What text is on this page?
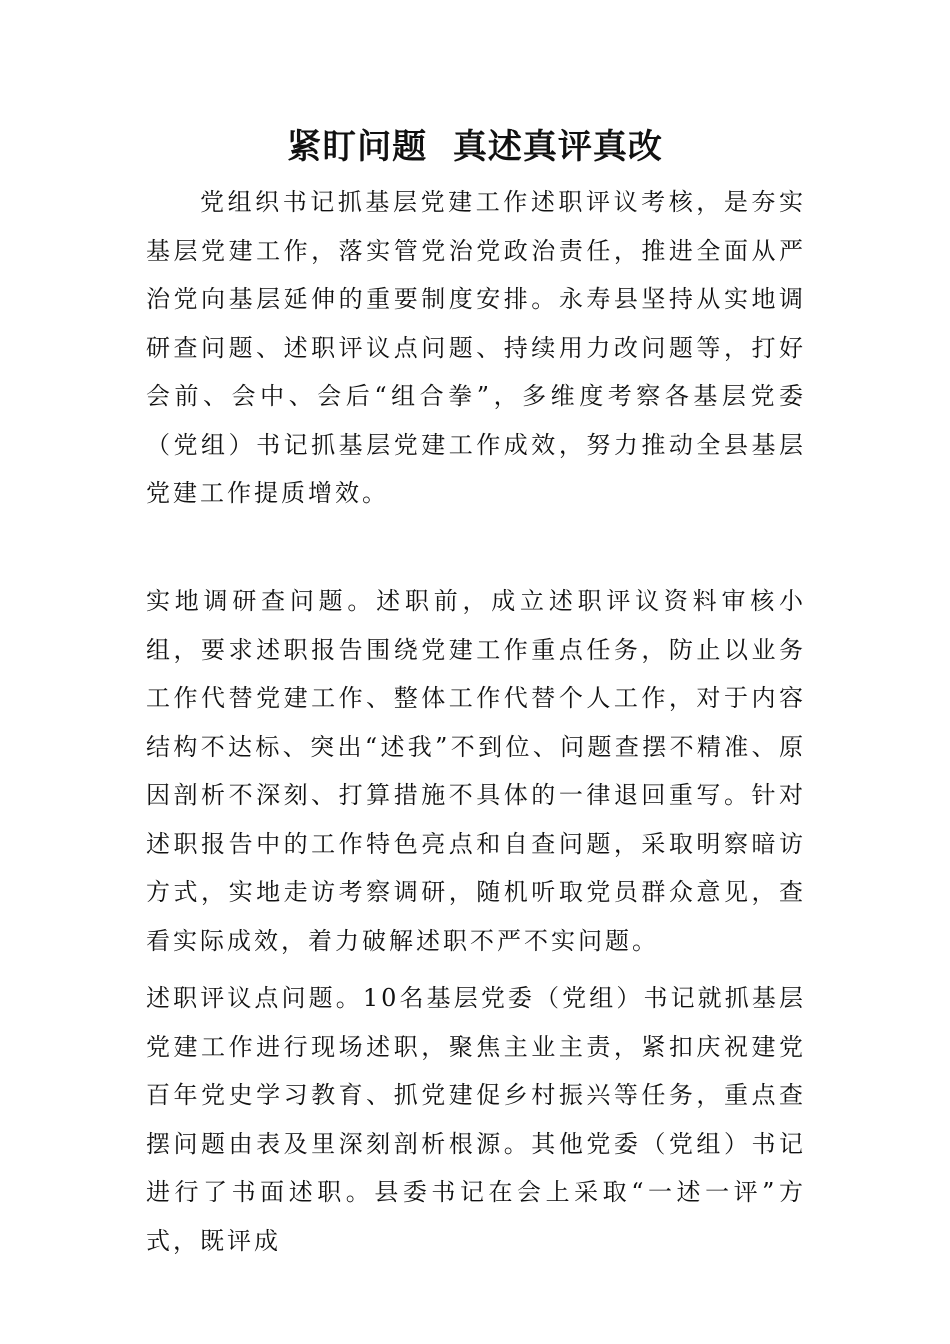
紧盯问题  真述真评真改

党组织书记抓基层党建工作述职评议考核，是夯实基层党建工作，落实管党治党政治责任，推进全面从严治党向基层延伸的重要制度安排。永寿县坚持从实地调研查问题、述职评议点问题、持续用力改问题等，打好会前、会中、会后“组合拳”，多维度考察各基层党委（党组）书记抓基层党建工作成效，努力推动全县基层党建工作提质增效。

实地调研查问题。述职前，成立述职评议资料审核小组，要求述职报告围绕党建工作重点任务，防止以业务工作代替党建工作、整体工作代替个人工作，对于内容结构不达标、突出“述我”不到位、问题查摆不精准、原因剖析不深刻、打算措施不具体的一律退回重写。针对述职报告中的工作特色亮点和自查问题，采取明察暗访方式，实地走访考察调研，随机听取党员群众意见，查看实际成效，着力破解述职不严不实问题。

述职评议点问题。10名基层党委（党组）书记就抓基层党建工作进行现场述职，聚焦主业主责，紧扣庆祝建党百年党史学习教育、抓党建促乡村振兴等任务，重点查摆问题由表及里深刻剖析根源。其他党委（党组）书记进行了书面述职。县委书记在会上采取“一述一评”方式，既评成
